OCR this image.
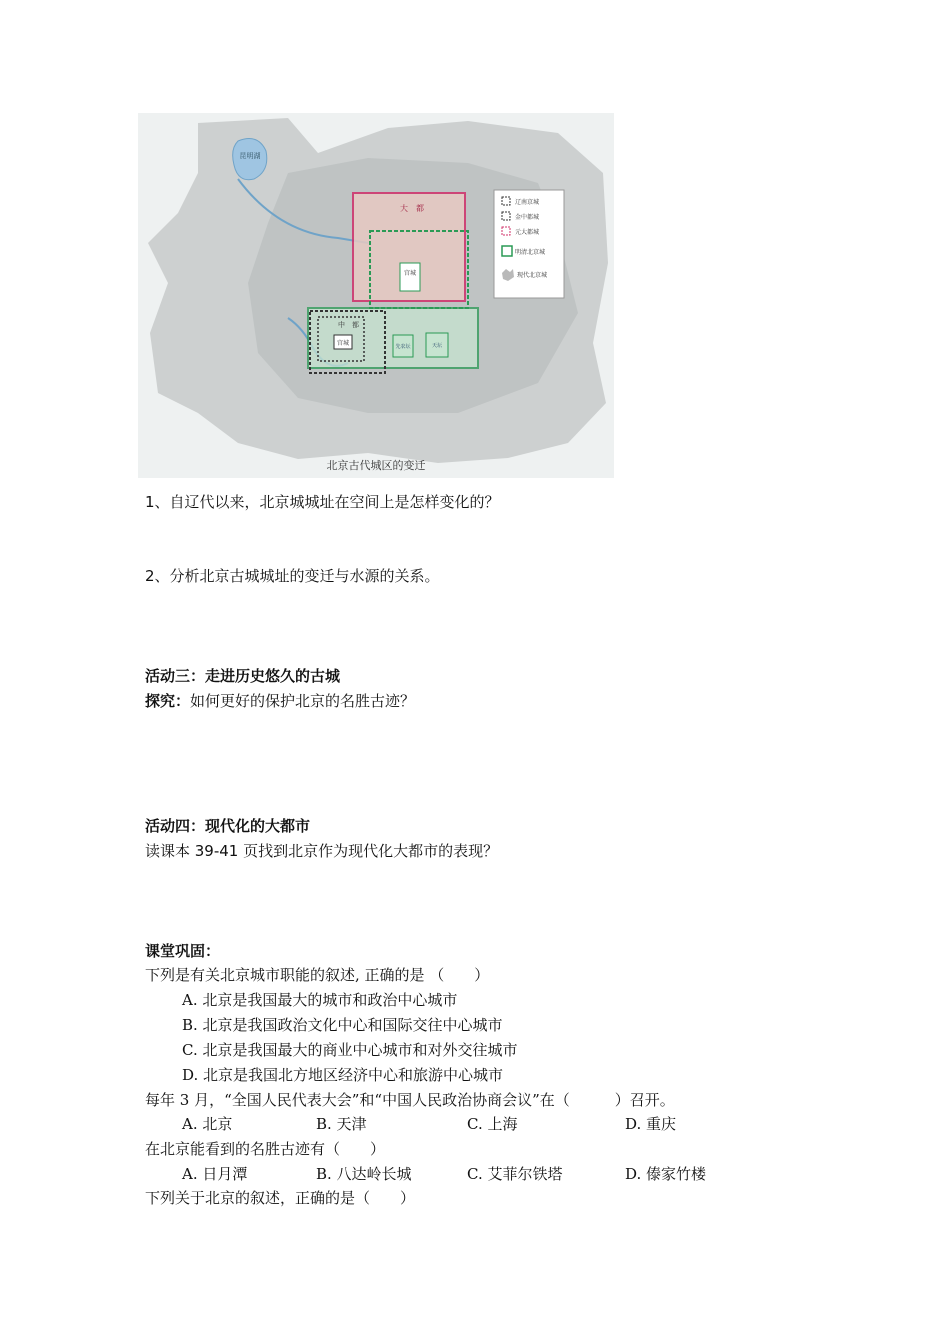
昆明湖
大　都
中　都
宫城
宫城
先农坛	天坛
辽南京城
金中都城
元大都城
明清北京城
现代北京城
北京古代城区的变迁
1、自辽代以来，北京城城址在空间上是怎样变化的？
2、分析北京古城城址的变迁与水源的关系。
活动三：走进历史悠久的古城
探究：如何更好的保护北京的名胜古迹？
活动四：现代化的大都市
读课本 39-41 页找到北京作为现代化大都市的表现？
课堂巩固：
下列是有关北京城市职能的叙述, 正确的是 （　　）
A. 北京是我国最大的城市和政治中心城市
B. 北京是我国政治文化中心和国际交往中心城市
C. 北京是我国最大的商业中心城市和对外交往城市
D. 北京是我国北方地区经济中心和旅游中心城市
每年 3 月，“全国人民代表大会”和“中国人民政治协商会议”在（　　　）召开。
A. 北京	B. 天津	C. 上海	D. 重庆
在北京能看到的名胜古迹有（　　）
A. 日月潭	B. 八达岭长城	C. 艾菲尔铁塔	D. 傣家竹楼
下列关于北京的叙述，正确的是（　　）
